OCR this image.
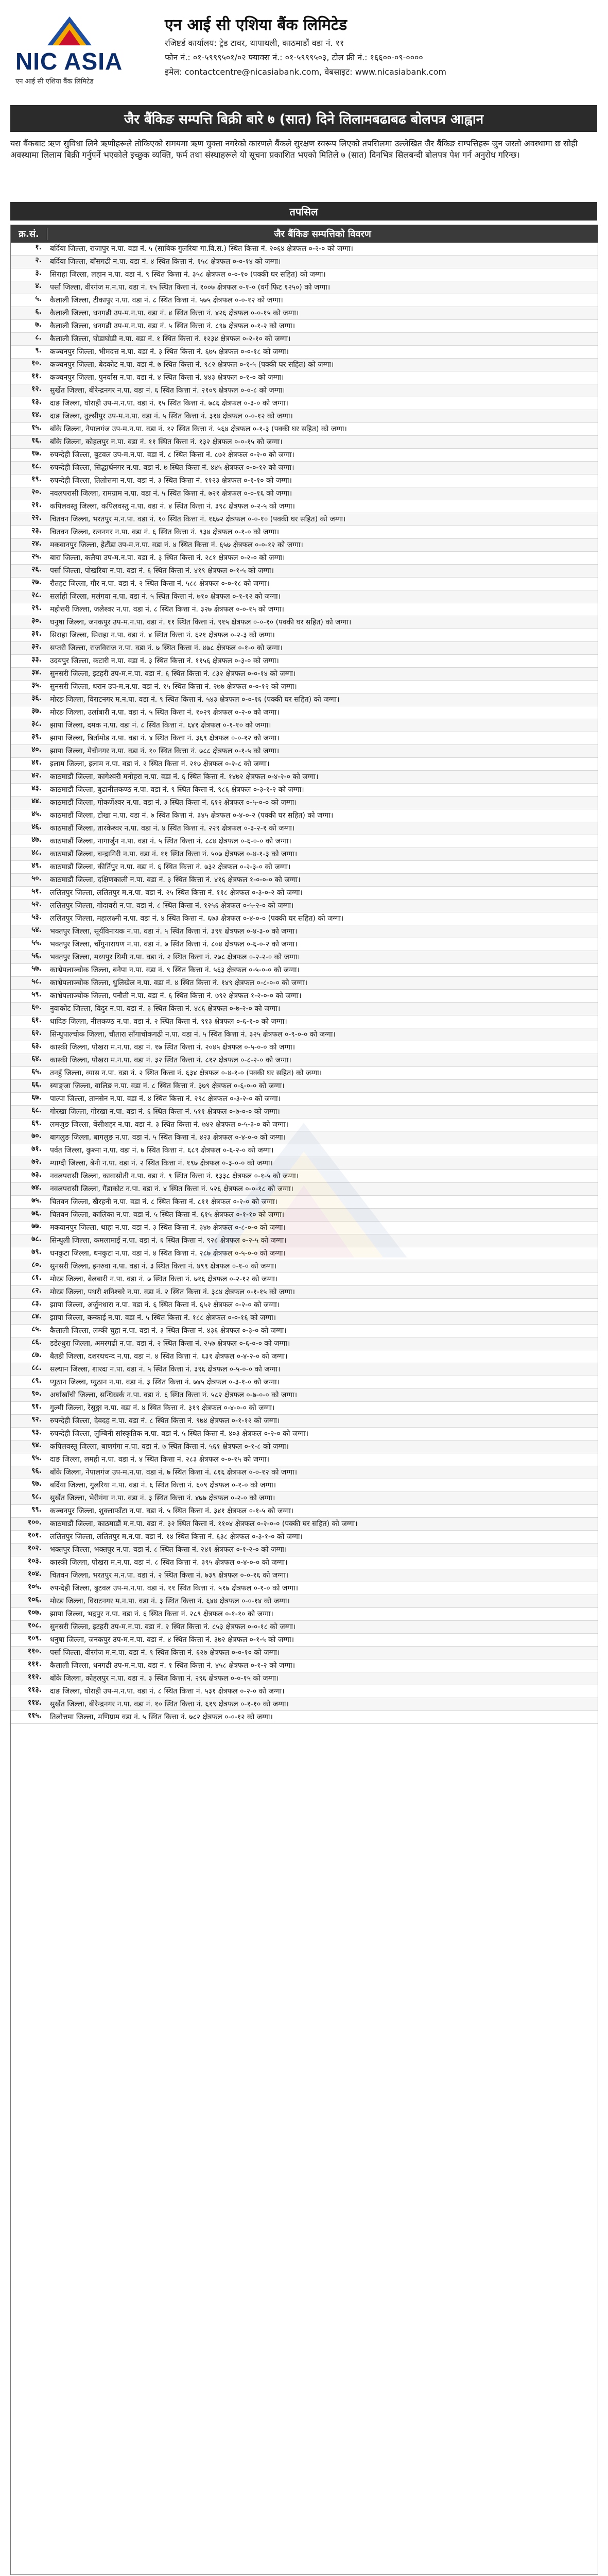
NIC ASIA
एन आई सी एशिया बैंक लिमिटेड
एन आई सी एशिया बैंक लिमिटेड
रजिष्टर्ड कार्यालय: ट्रेड टावर, थापाथली, काठमाडौं वडा नं. ११
फोन नं.: ०१-५९९९५०१/०२ फ्याक्स नं.: ०१-५९९९५०३, टोल फ्री नं.: १६६००-०९-००००
इमेल: contactcentre@nicasiabank.com, वेबसाइट: www.nicasiabank.com
जैर बैंकिङ सम्पत्ति बिक्री बारे ७ (सात) दिने लिलामबढाबढ बोलपत्र आह्वान
यस बैंकबाट ऋण सुविधा लिने ऋणीहरूले तोकिएको समयमा ऋण चुक्ता नगरेको कारणले बैंकले सुरक्षण स्वरूप लिएको तपसिलमा उल्लेखित जैर बैंकिङ सम्पत्तिहरू जुन जस्तो अवस्थामा छ सोही अवस्थामा लिलाम बिक्री गर्नुपर्ने भएकोले इच्छुक व्यक्ति, फर्म तथा संस्थाहरूले यो सूचना प्रकाशित भएको मितिले ७ (सात) दिनभित्र सिलबन्दी बोलपत्र पेश गर्न अनुरोध गरिन्छ।
तपसिल
क्र.सं.	जैर बैंकिङ सम्पत्तिको विवरण
१.	बर्दिया जिल्ला, राजापुर न.पा. वडा नं. ५ (साबिक गुलरिया गा.वि.स.) स्थित कित्ता नं. २०६४ क्षेत्रफल ०-२-० को जग्गा।
२.	बर्दिया जिल्ला, बाँसगढी न.पा. वडा नं. ४ स्थित कित्ता नं. १५८ क्षेत्रफल ०-०-१४ को जग्गा।
३.	सिराहा जिल्ला, लहान न.पा. वडा नं. ९ स्थित कित्ता नं. ३५८ क्षेत्रफल ०-०-१० (पक्की घर सहित) को जग्गा।
४.	पर्सा जिल्ला, वीरगंज म.न.पा. वडा नं. १५ स्थित कित्ता नं. १००७ क्षेत्रफल ०-१-० (वर्ग फिट १२५०) को जग्गा।
५.	कैलाली जिल्ला, टीकापुर न.पा. वडा नं. ८ स्थित कित्ता नं. ५७५ क्षेत्रफल ०-०-१२ को जग्गा।
६.	कैलाली जिल्ला, धनगढी उप-म.न.पा. वडा नं. ४ स्थित कित्ता नं. ४२६ क्षेत्रफल ०-०-१५ को जग्गा।
७.	कैलाली जिल्ला, धनगढी उप-म.न.पा. वडा नं. ५ स्थित कित्ता नं. ८९७ क्षेत्रफल ०-१-२ को जग्गा।
८.	कैलाली जिल्ला, घोडाघोडी न.पा. वडा नं. १ स्थित कित्ता नं. १२३४ क्षेत्रफल ०-२-१० को जग्गा।
९.	कञ्चनपुर जिल्ला, भीमदत्त न.पा. वडा नं. ३ स्थित कित्ता नं. ६७५ क्षेत्रफल ०-०-१८ को जग्गा।
१०.	कञ्चनपुर जिल्ला, बेदकोट न.पा. वडा नं. ७ स्थित कित्ता नं. ९८२ क्षेत्रफल ०-१-५ (पक्की घर सहित) को जग्गा।
११.	कञ्चनपुर जिल्ला, पुनर्वास न.पा. वडा नं. ४ स्थित कित्ता नं. ४४३ क्षेत्रफल ०-१-० को जग्गा।
१२.	सुर्खेत जिल्ला, बीरेन्द्रनगर न.पा. वडा नं. ६ स्थित कित्ता नं. २१०९ क्षेत्रफल ०-०-८ को जग्गा।
१३.	दाङ जिल्ला, घोराही उप-म.न.पा. वडा नं. १५ स्थित कित्ता नं. ७८६ क्षेत्रफल ०-३-० को जग्गा।
१४.	दाङ जिल्ला, तुल्सीपुर उप-म.न.पा. वडा नं. ५ स्थित कित्ता नं. ३१४ क्षेत्रफल ०-०-१२ को जग्गा।
१५.	बाँके जिल्ला, नेपालगंज उप-म.न.पा. वडा नं. १२ स्थित कित्ता नं. ५६४ क्षेत्रफल ०-१-३ (पक्की घर सहित) को जग्गा।
१६.	बाँके जिल्ला, कोहलपुर न.पा. वडा नं. ११ स्थित कित्ता नं. १३२ क्षेत्रफल ०-०-१५ को जग्गा।
१७.	रुपन्देही जिल्ला, बुटवल उप-म.न.पा. वडा नं. ८ स्थित कित्ता नं. ८७२ क्षेत्रफल ०-२-० को जग्गा।
१८.	रुपन्देही जिल्ला, सिद्धार्थनगर न.पा. वडा नं. ७ स्थित कित्ता नं. ४४५ क्षेत्रफल ०-०-१२ को जग्गा।
१९.	रुपन्देही जिल्ला, तिलोत्तमा न.पा. वडा नं. ३ स्थित कित्ता नं. ११२३ क्षेत्रफल ०-१-१० को जग्गा।
२०.	नवलपरासी जिल्ला, रामग्राम न.पा. वडा नं. ५ स्थित कित्ता नं. ७२१ क्षेत्रफल ०-०-१६ को जग्गा।
२१.	कपिलवस्तु जिल्ला, कपिलवस्तु न.पा. वडा नं. ४ स्थित कित्ता नं. ३९८ क्षेत्रफल ०-२-५ को जग्गा।
२२.	चितवन जिल्ला, भरतपुर म.न.पा. वडा नं. १० स्थित कित्ता नं. १६७२ क्षेत्रफल ०-०-१० (पक्की घर सहित) को जग्गा।
२३.	चितवन जिल्ला, रत्ननगर न.पा. वडा नं. ६ स्थित कित्ता नं. ९३४ क्षेत्रफल ०-१-० को जग्गा।
२४.	मकवानपुर जिल्ला, हेटौंडा उप-म.न.पा. वडा नं. ४ स्थित कित्ता नं. ६५७ क्षेत्रफल ०-०-१२ को जग्गा।
२५.	बारा जिल्ला, कलैया उप-म.न.पा. वडा नं. ३ स्थित कित्ता नं. २८१ क्षेत्रफल ०-२-० को जग्गा।
२६.	पर्सा जिल्ला, पोखरिया न.पा. वडा नं. ६ स्थित कित्ता नं. ४१९ क्षेत्रफल ०-१-५ को जग्गा।
२७.	रौतहट जिल्ला, गौर न.पा. वडा नं. २ स्थित कित्ता नं. ५८८ क्षेत्रफल ०-०-१८ को जग्गा।
२८.	सर्लाही जिल्ला, मलंगवा न.पा. वडा नं. ५ स्थित कित्ता नं. ७१० क्षेत्रफल ०-१-१२ को जग्गा।
२९.	महोत्तरी जिल्ला, जलेश्वर न.पा. वडा नं. ८ स्थित कित्ता नं. ३२७ क्षेत्रफल ०-०-१५ को जग्गा।
३०.	धनुषा जिल्ला, जनकपुर उप-म.न.पा. वडा नं. ११ स्थित कित्ता नं. ९१५ क्षेत्रफल ०-०-१० (पक्की घर सहित) को जग्गा।
३१.	सिराहा जिल्ला, सिराहा न.पा. वडा नं. ४ स्थित कित्ता नं. ६२१ क्षेत्रफल ०-२-३ को जग्गा।
३२.	सप्तरी जिल्ला, राजविराज न.पा. वडा नं. ७ स्थित कित्ता नं. ४७८ क्षेत्रफल ०-१-० को जग्गा।
३३.	उदयपुर जिल्ला, कटारी न.पा. वडा नं. ३ स्थित कित्ता नं. ११५६ क्षेत्रफल ०-३-० को जग्गा।
३४.	सुनसरी जिल्ला, इटहरी उप-म.न.पा. वडा नं. ६ स्थित कित्ता नं. ८३२ क्षेत्रफल ०-०-१४ को जग्गा।
३५.	सुनसरी जिल्ला, धरान उप-म.न.पा. वडा नं. १५ स्थित कित्ता नं. २७७ क्षेत्रफल ०-०-१२ को जग्गा।
३६.	मोरङ जिल्ला, विराटनगर म.न.पा. वडा नं. ९ स्थित कित्ता नं. ५४३ क्षेत्रफल ०-०-१६ (पक्की घर सहित) को जग्गा।
३७.	मोरङ जिल्ला, उर्लाबारी न.पा. वडा नं. ५ स्थित कित्ता नं. १०२९ क्षेत्रफल ०-२-० को जग्गा।
३८.	झापा जिल्ला, दमक न.पा. वडा नं. ८ स्थित कित्ता नं. ६४१ क्षेत्रफल ०-१-१० को जग्गा।
३९.	झापा जिल्ला, बिर्तामोड न.पा. वडा नं. ४ स्थित कित्ता नं. ३६९ क्षेत्रफल ०-०-१२ को जग्गा।
४०.	झापा जिल्ला, मेचीनगर न.पा. वडा नं. १० स्थित कित्ता नं. ७८८ क्षेत्रफल ०-१-५ को जग्गा।
४१.	इलाम जिल्ला, इलाम न.पा. वडा नं. २ स्थित कित्ता नं. २१७ क्षेत्रफल ०-२-८ को जग्गा।
४२.	काठमाडौं जिल्ला, कागेश्वरी मनोहरा न.पा. वडा नं. ६ स्थित कित्ता नं. १४७२ क्षेत्रफल ०-४-२-० को जग्गा।
४३.	काठमाडौं जिल्ला, बुढानीलकण्ठ न.पा. वडा नं. ९ स्थित कित्ता नं. ९८६ क्षेत्रफल ०-३-१-२ को जग्गा।
४४.	काठमाडौं जिल्ला, गोकर्णेश्वर न.पा. वडा नं. ३ स्थित कित्ता नं. ६१२ क्षेत्रफल ०-५-०-० को जग्गा।
४५.	काठमाडौं जिल्ला, टोखा न.पा. वडा नं. ७ स्थित कित्ता नं. ३४५ क्षेत्रफल ०-४-०-२ (पक्की घर सहित) को जग्गा।
४६.	काठमाडौं जिल्ला, तारकेश्वर न.पा. वडा नं. ४ स्थित कित्ता नं. २२९ क्षेत्रफल ०-३-२-१ को जग्गा।
४७.	काठमाडौं जिल्ला, नागार्जुन न.पा. वडा नं. ५ स्थित कित्ता नं. ८८४ क्षेत्रफल ०-६-०-० को जग्गा।
४८.	काठमाडौं जिल्ला, चन्द्रागिरी न.पा. वडा नं. ११ स्थित कित्ता नं. ५०७ क्षेत्रफल ०-४-१-३ को जग्गा।
४९.	काठमाडौं जिल्ला, कीर्तिपुर न.पा. वडा नं. ६ स्थित कित्ता नं. ७३२ क्षेत्रफल ०-२-३-० को जग्गा।
५०.	काठमाडौं जिल्ला, दक्षिणकाली न.पा. वडा नं. ३ स्थित कित्ता नं. ४१६ क्षेत्रफल १-०-०-० को जग्गा।
५१.	ललितपुर जिल्ला, ललितपुर म.न.पा. वडा नं. २५ स्थित कित्ता नं. ११८ क्षेत्रफल ०-३-०-२ को जग्गा।
५२.	ललितपुर जिल्ला, गोदावरी न.पा. वडा नं. ८ स्थित कित्ता नं. १२५६ क्षेत्रफल ०-५-२-० को जग्गा।
५३.	ललितपुर जिल्ला, महालक्ष्मी न.पा. वडा नं. ४ स्थित कित्ता नं. ६७३ क्षेत्रफल ०-४-०-० (पक्की घर सहित) को जग्गा।
५४.	भक्तपुर जिल्ला, सूर्यविनायक न.पा. वडा नं. ५ स्थित कित्ता नं. ३९१ क्षेत्रफल ०-४-३-० को जग्गा।
५५.	भक्तपुर जिल्ला, चाँगुनारायण न.पा. वडा नं. ७ स्थित कित्ता नं. ८०४ क्षेत्रफल ०-६-०-२ को जग्गा।
५६.	भक्तपुर जिल्ला, मध्यपुर थिमी न.पा. वडा नं. २ स्थित कित्ता नं. २७८ क्षेत्रफल ०-२-२-० को जग्गा।
५७.	काभ्रेपलाञ्चोक जिल्ला, बनेपा न.पा. वडा नं. ९ स्थित कित्ता नं. ५६३ क्षेत्रफल ०-५-०-० को जग्गा।
५८.	काभ्रेपलाञ्चोक जिल्ला, धुलिखेल न.पा. वडा नं. ४ स्थित कित्ता नं. १४९ क्षेत्रफल ०-८-०-० को जग्गा।
५९.	काभ्रेपलाञ्चोक जिल्ला, पनौती न.पा. वडा नं. ६ स्थित कित्ता नं. ७९२ क्षेत्रफल १-२-०-० को जग्गा।
६०.	नुवाकोट जिल्ला, विदुर न.पा. वडा नं. ३ स्थित कित्ता नं. ४८६ क्षेत्रफल ०-७-२-० को जग्गा।
६१.	धादिङ जिल्ला, नीलकण्ठ न.पा. वडा नं. २ स्थित कित्ता नं. ९१३ क्षेत्रफल ०-६-१-० को जग्गा।
६२.	सिन्धुपाल्चोक जिल्ला, चौतारा साँगाचोकगढी न.पा. वडा नं. ५ स्थित कित्ता नं. ३२५ क्षेत्रफल ०-९-०-० को जग्गा।
६३.	कास्की जिल्ला, पोखरा म.न.पा. वडा नं. १७ स्थित कित्ता नं. २०४५ क्षेत्रफल ०-५-०-० को जग्गा।
६४.	कास्की जिल्ला, पोखरा म.न.पा. वडा नं. ३२ स्थित कित्ता नं. ८१२ क्षेत्रफल ०-८-२-० को जग्गा।
६५.	तनहुँ जिल्ला, व्यास न.पा. वडा नं. २ स्थित कित्ता नं. ६३४ क्षेत्रफल ०-४-१-० (पक्की घर सहित) को जग्गा।
६६.	स्याङ्जा जिल्ला, वालिङ न.पा. वडा नं. ८ स्थित कित्ता नं. ३७९ क्षेत्रफल ०-६-०-० को जग्गा।
६७.	पाल्पा जिल्ला, तानसेन न.पा. वडा नं. ४ स्थित कित्ता नं. २९८ क्षेत्रफल ०-३-२-० को जग्गा।
६८.	गोरखा जिल्ला, गोरखा न.पा. वडा नं. ६ स्थित कित्ता नं. ५११ क्षेत्रफल ०-७-०-० को जग्गा।
६९.	लमजुङ जिल्ला, बेंसीशहर न.पा. वडा नं. ३ स्थित कित्ता नं. ७४२ क्षेत्रफल ०-५-३-० को जग्गा।
७०.	बागलुङ जिल्ला, बागलुङ न.पा. वडा नं. ५ स्थित कित्ता नं. ४२३ क्षेत्रफल ०-४-०-० को जग्गा।
७१.	पर्वत जिल्ला, कुश्मा न.पा. वडा नं. ७ स्थित कित्ता नं. ६८९ क्षेत्रफल ०-६-२-० को जग्गा।
७२.	म्याग्दी जिल्ला, बेनी न.पा. वडा नं. २ स्थित कित्ता नं. १९७ क्षेत्रफल ०-३-०-० को जग्गा।
७३.	नवलपरासी जिल्ला, कावासोती न.पा. वडा नं. ९ स्थित कित्ता नं. १३३८ क्षेत्रफल ०-१-५ को जग्गा।
७४.	नवलपरासी जिल्ला, गैंडाकोट न.पा. वडा नं. ४ स्थित कित्ता नं. ५२६ क्षेत्रफल ०-०-१८ को जग्गा।
७५.	चितवन जिल्ला, खैरहनी न.पा. वडा नं. ८ स्थित कित्ता नं. ८११ क्षेत्रफल ०-२-० को जग्गा।
७६.	चितवन जिल्ला, कालिका न.पा. वडा नं. ५ स्थित कित्ता नं. ६१५ क्षेत्रफल ०-१-१० को जग्गा।
७७.	मकवानपुर जिल्ला, थाहा न.पा. वडा नं. ३ स्थित कित्ता नं. ३४७ क्षेत्रफल ०-८-०-० को जग्गा।
७८.	सिन्धुली जिल्ला, कमलामाई न.पा. वडा नं. ६ स्थित कित्ता नं. ९२८ क्षेत्रफल ०-२-५ को जग्गा।
७९.	धनकुटा जिल्ला, धनकुटा न.पा. वडा नं. ४ स्थित कित्ता नं. २८७ क्षेत्रफल ०-५-०-० को जग्गा।
८०.	सुनसरी जिल्ला, इनरुवा न.पा. वडा नं. ३ स्थित कित्ता नं. ४९९ क्षेत्रफल ०-१-० को जग्गा।
८१.	मोरङ जिल्ला, बेलबारी न.पा. वडा नं. ७ स्थित कित्ता नं. ७१६ क्षेत्रफल ०-२-१२ को जग्गा।
८२.	मोरङ जिल्ला, पथरी शनिश्चरे न.पा. वडा नं. २ स्थित कित्ता नं. ३८४ क्षेत्रफल ०-१-१५ को जग्गा।
८३.	झापा जिल्ला, अर्जुनधारा न.पा. वडा नं. ६ स्थित कित्ता नं. ६५२ क्षेत्रफल ०-२-० को जग्गा।
८४.	झापा जिल्ला, कन्काई न.पा. वडा नं. ५ स्थित कित्ता नं. १८८ क्षेत्रफल ०-०-१६ को जग्गा।
८५.	कैलाली जिल्ला, लम्की चुहा न.पा. वडा नं. ३ स्थित कित्ता नं. ४३६ क्षेत्रफल ०-३-० को जग्गा।
८६.	डडेल्धुरा जिल्ला, अमरगढी न.पा. वडा नं. २ स्थित कित्ता नं. २५७ क्षेत्रफल ०-६-०-० को जग्गा।
८७.	बैतडी जिल्ला, दशरथचन्द न.पा. वडा नं. ४ स्थित कित्ता नं. ६३१ क्षेत्रफल ०-४-२-० को जग्गा।
८८.	सल्यान जिल्ला, शारदा न.पा. वडा नं. ५ स्थित कित्ता नं. ३९६ क्षेत्रफल ०-५-०-० को जग्गा।
८९.	प्युठान जिल्ला, प्युठान न.पा. वडा नं. ३ स्थित कित्ता नं. ७४५ क्षेत्रफल ०-३-१-० को जग्गा।
९०.	अर्घाखाँची जिल्ला, सन्धिखर्क न.पा. वडा नं. ६ स्थित कित्ता नं. ५८२ क्षेत्रफल ०-७-०-० को जग्गा।
९१.	गुल्मी जिल्ला, रेसुङ्गा न.पा. वडा नं. ४ स्थित कित्ता नं. ३१९ क्षेत्रफल ०-४-०-० को जग्गा।
९२.	रुपन्देही जिल्ला, देवदह न.पा. वडा नं. ८ स्थित कित्ता नं. ९७४ क्षेत्रफल ०-१-१२ को जग्गा।
९३.	रुपन्देही जिल्ला, लुम्बिनी सांस्कृतिक न.पा. वडा नं. ५ स्थित कित्ता नं. ४०३ क्षेत्रफल ०-२-० को जग्गा।
९४.	कपिलवस्तु जिल्ला, बाणगंगा न.पा. वडा नं. ७ स्थित कित्ता नं. ५६१ क्षेत्रफल ०-१-८ को जग्गा।
९५.	दाङ जिल्ला, लमही न.पा. वडा नं. ४ स्थित कित्ता नं. २८३ क्षेत्रफल ०-०-१५ को जग्गा।
९६.	बाँके जिल्ला, नेपालगंज उप-म.न.पा. वडा नं. ७ स्थित कित्ता नं. ८१६ क्षेत्रफल ०-०-१२ को जग्गा।
९७.	बर्दिया जिल्ला, गुलरिया न.पा. वडा नं. ६ स्थित कित्ता नं. ६०९ क्षेत्रफल ०-१-० को जग्गा।
९८.	सुर्खेत जिल्ला, भेरीगंगा न.पा. वडा नं. ३ स्थित कित्ता नं. ४७७ क्षेत्रफल ०-२-० को जग्गा।
९९.	कञ्चनपुर जिल्ला, शुक्लाफाँटा न.पा. वडा नं. ५ स्थित कित्ता नं. ३४१ क्षेत्रफल ०-१-५ को जग्गा।
१००.	काठमाडौं जिल्ला, काठमाडौं म.न.पा. वडा नं. ३२ स्थित कित्ता नं. ११०४ क्षेत्रफल ०-२-०-० (पक्की घर सहित) को जग्गा।
१०१.	ललितपुर जिल्ला, ललितपुर म.न.पा. वडा नं. १४ स्थित कित्ता नं. ६३८ क्षेत्रफल ०-३-१-० को जग्गा।
१०२.	भक्तपुर जिल्ला, भक्तपुर न.पा. वडा नं. ८ स्थित कित्ता नं. २४१ क्षेत्रफल ०-१-२-० को जग्गा।
१०३.	कास्की जिल्ला, पोखरा म.न.पा. वडा नं. ८ स्थित कित्ता नं. ३९५ क्षेत्रफल ०-४-०-० को जग्गा।
१०४.	चितवन जिल्ला, भरतपुर म.न.पा. वडा नं. २ स्थित कित्ता नं. ७३९ क्षेत्रफल ०-०-१६ को जग्गा।
१०५.	रुपन्देही जिल्ला, बुटवल उप-म.न.पा. वडा नं. ११ स्थित कित्ता नं. ५१७ क्षेत्रफल ०-१-० को जग्गा।
१०६.	मोरङ जिल्ला, विराटनगर म.न.पा. वडा नं. ३ स्थित कित्ता नं. ६४४ क्षेत्रफल ०-०-१४ को जग्गा।
१०७.	झापा जिल्ला, भद्रपुर न.पा. वडा नं. ६ स्थित कित्ता नं. २८९ क्षेत्रफल ०-१-१० को जग्गा।
१०८.	सुनसरी जिल्ला, इटहरी उप-म.न.पा. वडा नं. २ स्थित कित्ता नं. ८५३ क्षेत्रफल ०-०-१८ को जग्गा।
१०९.	धनुषा जिल्ला, जनकपुर उप-म.न.पा. वडा नं. ४ स्थित कित्ता नं. ३७२ क्षेत्रफल ०-१-५ को जग्गा।
११०.	पर्सा जिल्ला, वीरगंज म.न.पा. वडा नं. ९ स्थित कित्ता नं. ६२७ क्षेत्रफल ०-०-१० को जग्गा।
१११.	कैलाली जिल्ला, धनगढी उप-म.न.पा. वडा नं. १ स्थित कित्ता नं. ४५८ क्षेत्रफल ०-१-२ को जग्गा।
११२.	बाँके जिल्ला, कोहलपुर न.पा. वडा नं. ३ स्थित कित्ता नं. २९६ क्षेत्रफल ०-०-१५ को जग्गा।
११३.	दाङ जिल्ला, घोराही उप-म.न.पा. वडा नं. ८ स्थित कित्ता नं. ५३१ क्षेत्रफल ०-२-० को जग्गा।
११४.	सुर्खेत जिल्ला, बीरेन्द्रनगर न.पा. वडा नं. १० स्थित कित्ता नं. ६१९ क्षेत्रफल ०-१-१० को जग्गा।
११५.	तिलोत्तमा जिल्ला, मणिग्राम वडा नं. ५ स्थित कित्ता नं. ७८२ क्षेत्रफल ०-०-१२ को जग्गा।
